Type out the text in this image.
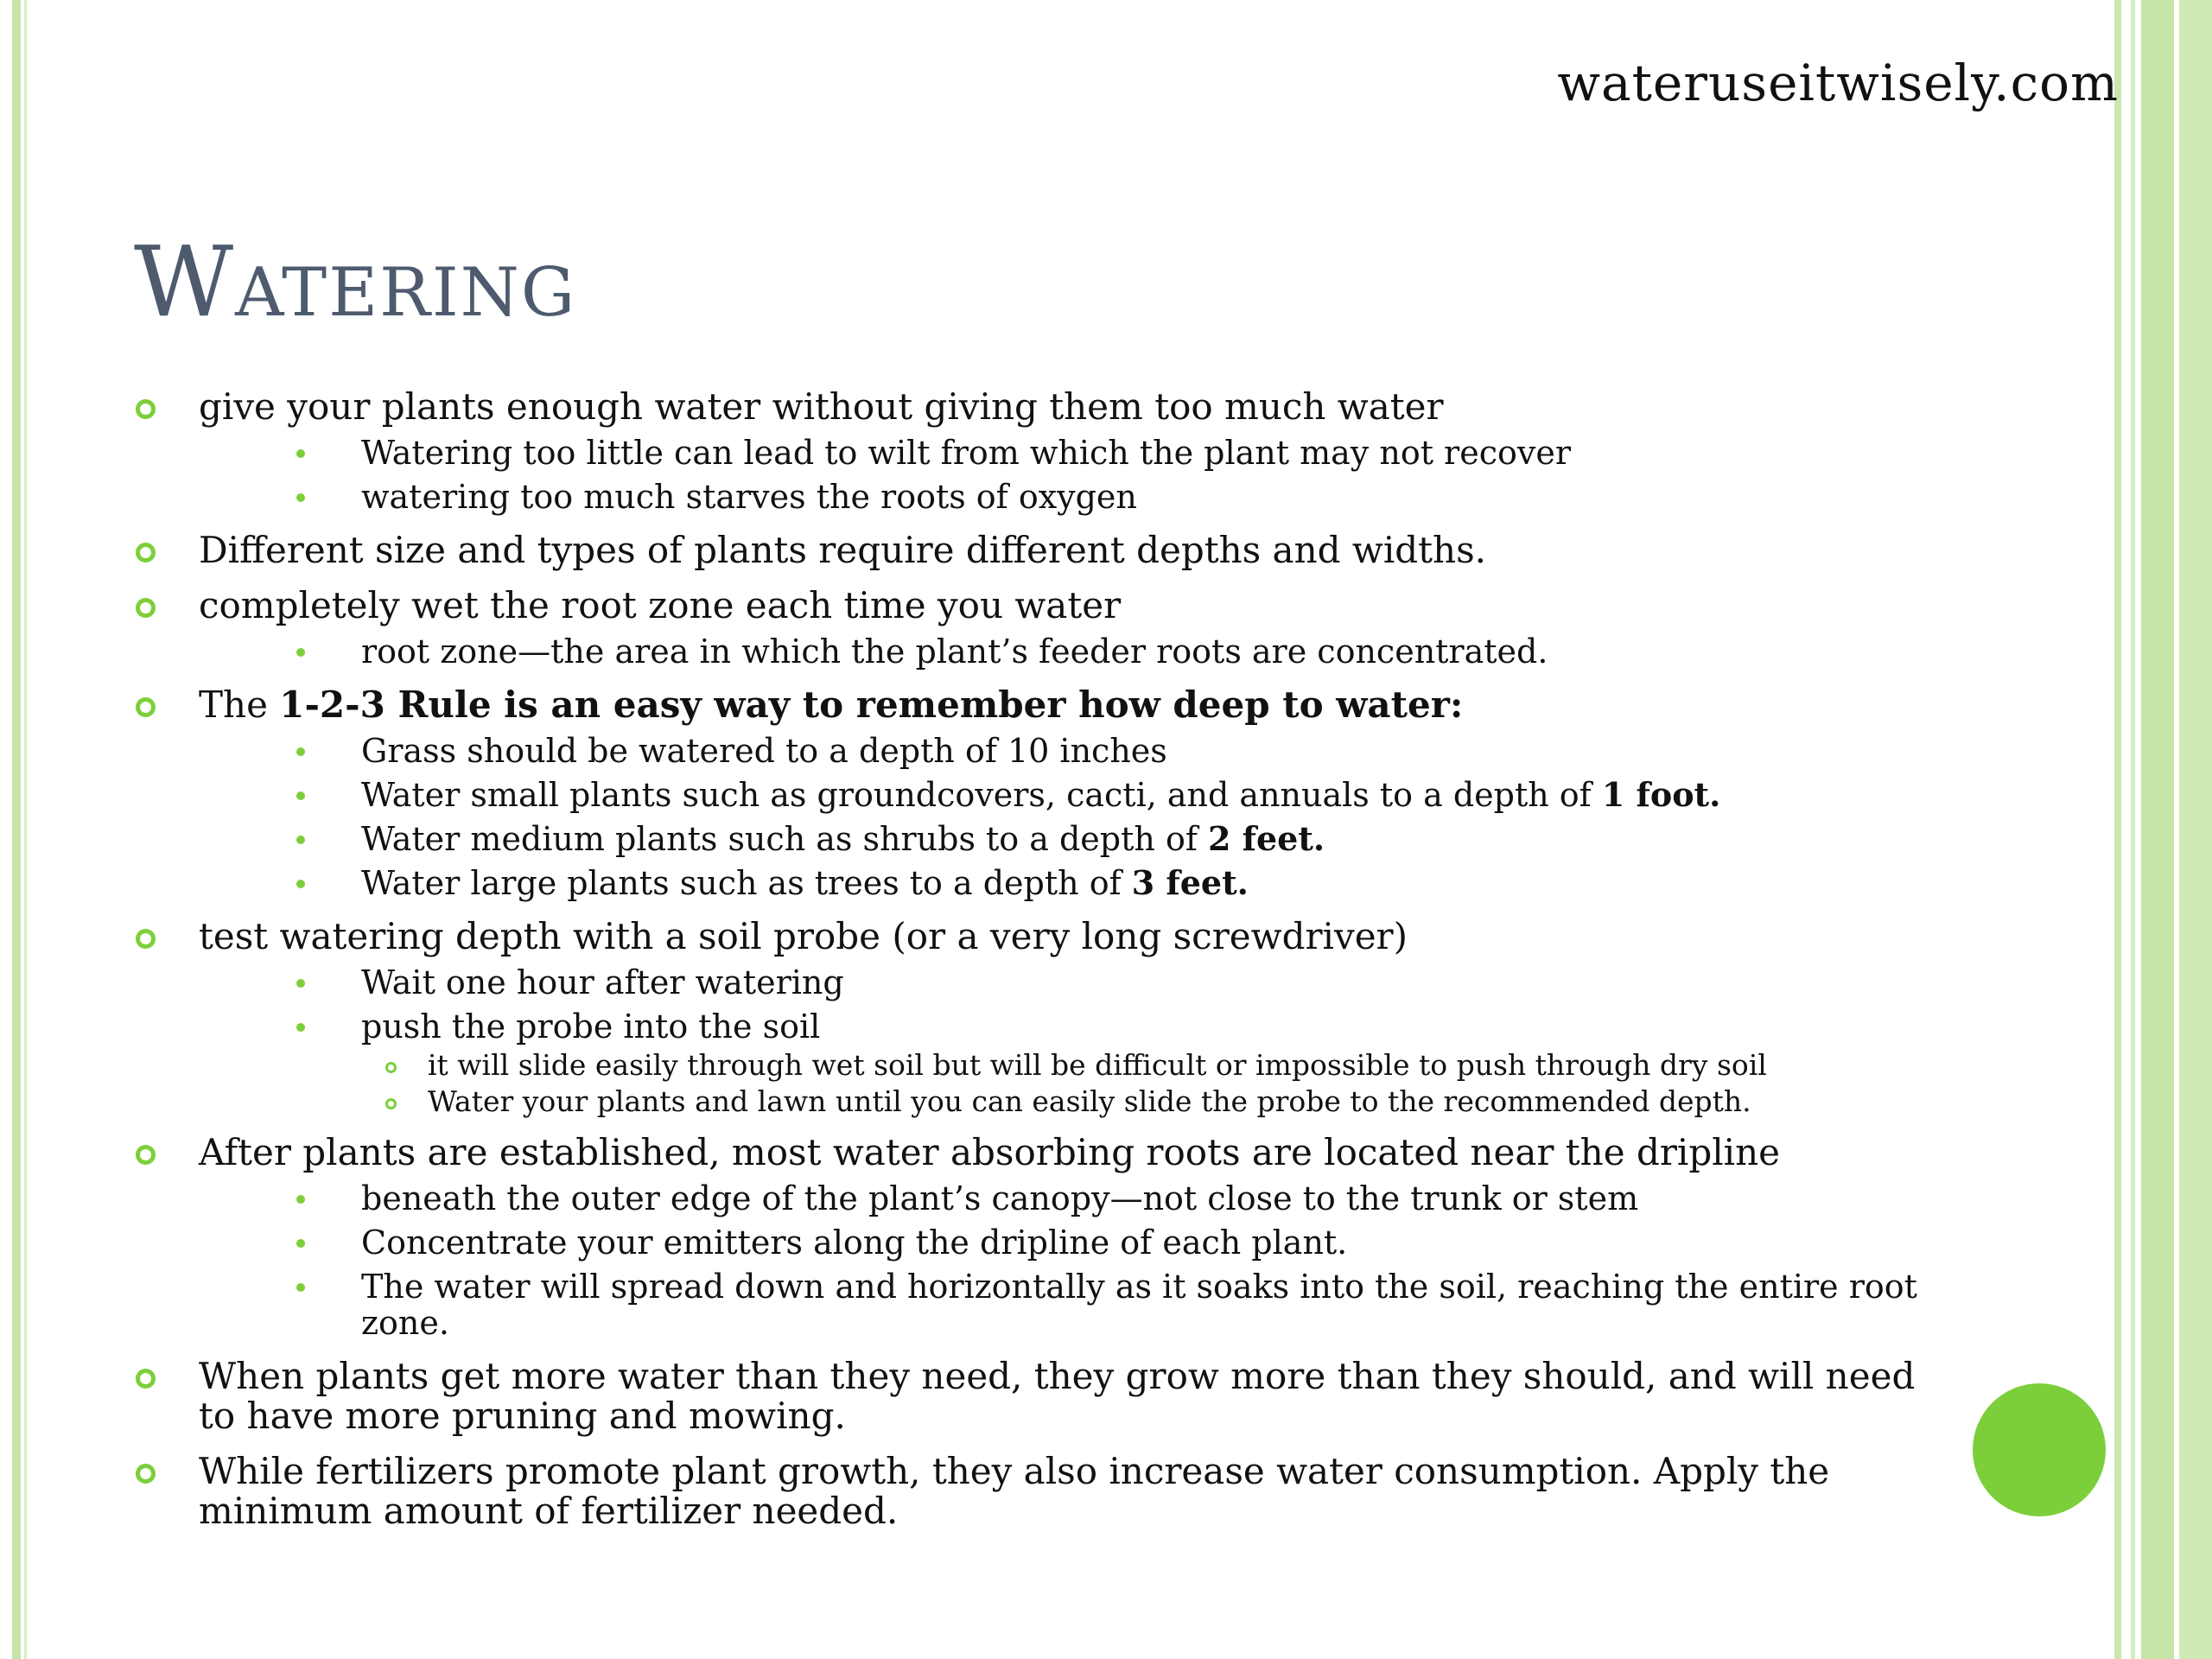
wateruseitwisely.com
Watering
give your plants enough water without giving them too much water
Watering too little can lead to wilt from which the plant may not recover
watering too much starves the roots of oxygen
Different size and types of plants require different depths and widths.
completely wet the root zone each time you water
root zone—the area in which the plant’s feeder roots are concentrated.
The 1-2-3 Rule is an easy way to remember how deep to water:
Grass should be watered to a depth of 10 inches
Water small plants such as groundcovers, cacti, and annuals to a depth of 1 foot.
Water medium plants such as shrubs to a depth of 2 feet.
Water large plants such as trees to a depth of 3 feet.
test watering depth with a soil probe (or a very long screwdriver)
Wait one hour after watering
push the probe into the soil
it will slide easily through wet soil but will be difficult or impossible to push through dry soil
Water your plants and lawn until you can easily slide the probe to the recommended depth.
After plants are established, most water absorbing roots are located near the dripline
beneath the outer edge of the plant’s canopy—not close to the trunk or stem
Concentrate your emitters along the dripline of each plant.
The water will spread down and horizontally as it soaks into the soil, reaching the entire root zone.
When plants get more water than they need, they grow more than they should, and will need to have more pruning and mowing.
While fertilizers promote plant growth, they also increase water consumption. Apply the minimum amount of fertilizer needed.
